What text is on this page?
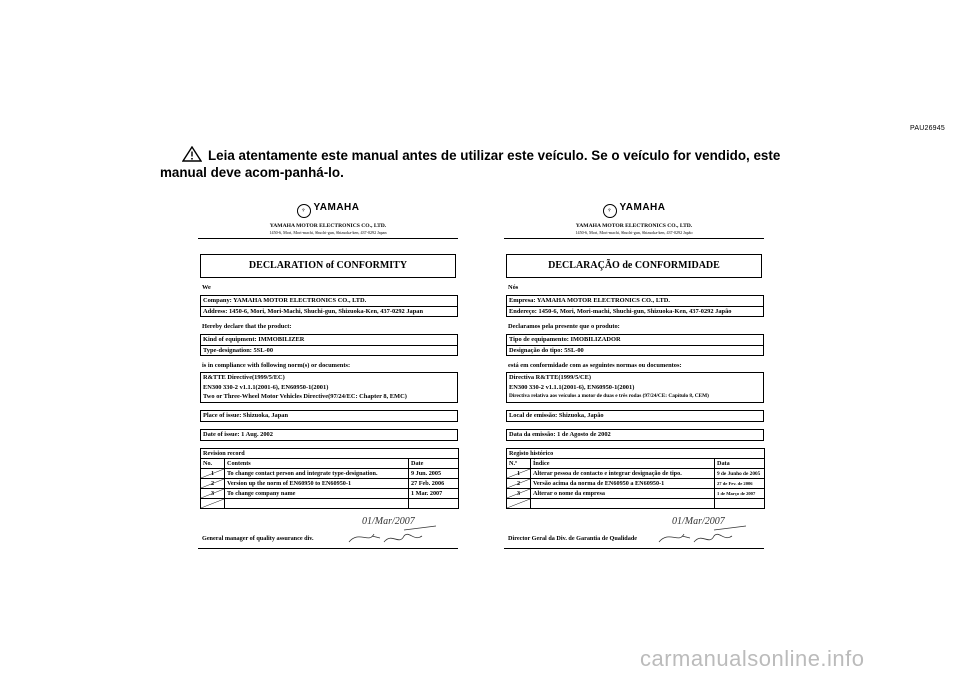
PAU26945
Leia atentamente este manual antes de utilizar este veículo. Se o veículo for vendido, este manual deve acom-panhá-lo.
♆ YAMAHA
YAMAHA MOTOR ELECTRONICS CO., LTD.
1450-6, Mori, Mori-machi, Shuchi-gun, Shizuoka-ken, 437-0292 Japan
DECLARATION of CONFORMITY
We
Company: YAMAHA MOTOR ELECTRONICS CO., LTD.
Address: 1450-6, Mori, Mori-Machi, Shuchi-gun, Shizuoka-Ken, 437-0292 Japan
Hereby declare that the product:
Kind of equipment: IMMOBILIZER
Type-designation: 5SL-00
is in compliance with following norm(s) or documents:
R&TTE Directive(1999/5/EC)
EN300 330-2 v1.1.1(2001-6), EN60950-1(2001)
Two or Three-Wheel Motor Vehicles Directive(97/24/EC: Chapter 8, EMC)
Place of issue: Shizuoka, Japan
Date of issue: 1 Aug. 2002
Revision record		
No.	Contents	Date

1	To change contact person and integrate type-designation.	9 Jun. 2005

2	Version up the norm of EN60950 to EN60950-1	27 Feb. 2006

3	To change company name	1 Mar. 2007

General manager of quality assurance div.
01/Mar/2007
♆ YAMAHA
YAMAHA MOTOR ELECTRONICS CO., LTD.
1450-6, Mori, Mori-machi, Shuchi-gun, Shizuoka-ken, 437-0292 Japão
DECLARAÇÃO de CONFORMIDADE
Nós
Empresa: YAMAHA MOTOR ELECTRONICS CO., LTD.
Endereço: 1450-6, Mori, Mori-machi, Shuchi-gun, Shizuoka-Ken, 437-0292 Japão
Declaramos pela presente que o produto:
Tipo de equipamento: IMOBILIZADOR
Designação do tipo: 5SL-00
está em conformidade com as seguintes normas ou documentos:
Directiva R&TTE(1999/5/CE)
EN300 330-2 v1.1.1(2001-6), EN60950-1(2001)
Directiva relativa aos veículos a motor de duas e três rodas (97/24/CE: Capítulo 8, CEM)
Local de emissão: Shizuoka, Japão
Data da emissão: 1 de Agosto de 2002
Registo histórico		
N.º	Índice	Data

1	Alterar pessoa de contacto e integrar designação de tipo.	9 de Junho de 2005

2	Versão acima da norma de EN60950 a EN60950-1	27 de Fev. de 2006

3	Alterar o nome da empresa	1 de Março de 2007

Director Geral da Div. de Garantia de Qualidade
01/Mar/2007
carmanualsonline.info
